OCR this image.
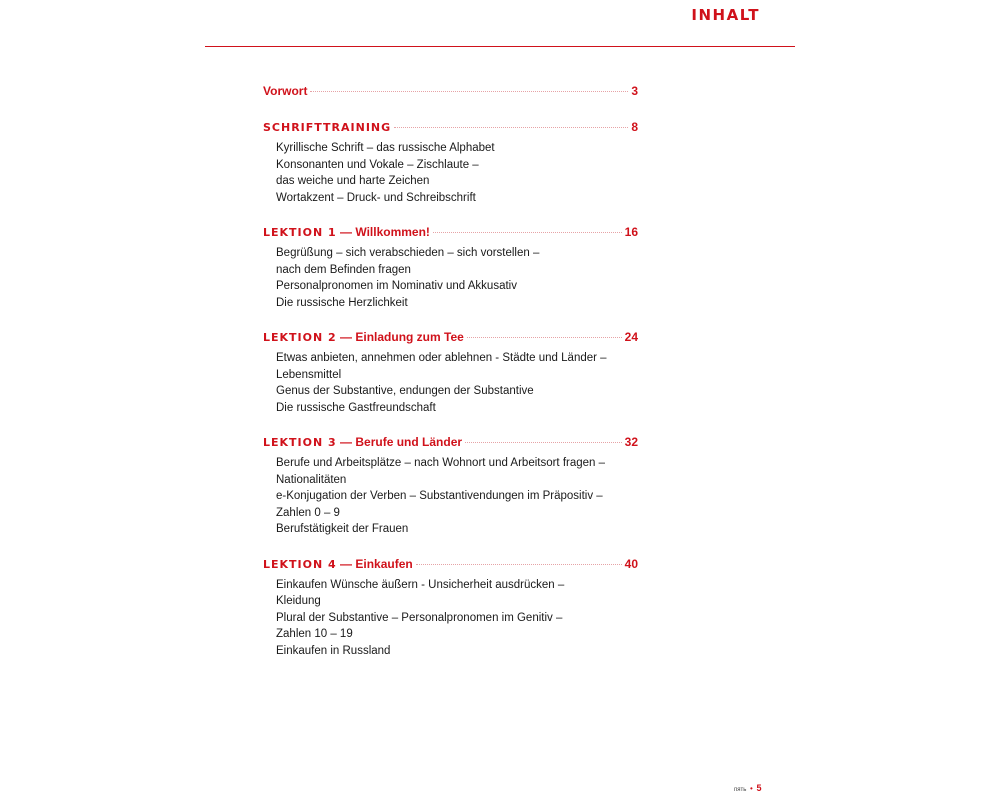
INHALT
Vorwort	3
SCHRIFTTRAINING	8
Kyrillische Schrift – das russische Alphabet
Konsonanten und Vokale – Zischlaute –
das weiche und harte Zeichen
Wortakzent – Druck- und Schreibschrift
LEKTION 1 — Willkommen!	16
Begrüßung – sich verabschieden – sich vorstellen –
nach dem Befinden fragen
Personalpronomen im Nominativ und Akkusativ
Die russische Herzlichkeit
LEKTION 2 — Einladung zum Tee	24
Etwas anbieten, annehmen oder ablehnen - Städte und Länder –
Lebensmittel
Genus der Substantive, endungen der Substantive
Die russische Gastfreundschaft
LEKTION 3 — Berufe und Länder	32
Berufe und Arbeitsplätze – nach Wohnort und Arbeitsort fragen –
Nationalitäten
e-Konjugation der Verben – Substantivendungen im Präpositiv –
Zahlen 0 – 9
Berufstätigkeit der Frauen
LEKTION 4 — Einkaufen	40
Einkaufen Wünsche äußern - Unsicherheit ausdrücken –
Kleidung
Plural der Substantive – Personalpronomen im Genitiv –
Zahlen 10 – 19
Einkaufen in Russland
пять • 5
